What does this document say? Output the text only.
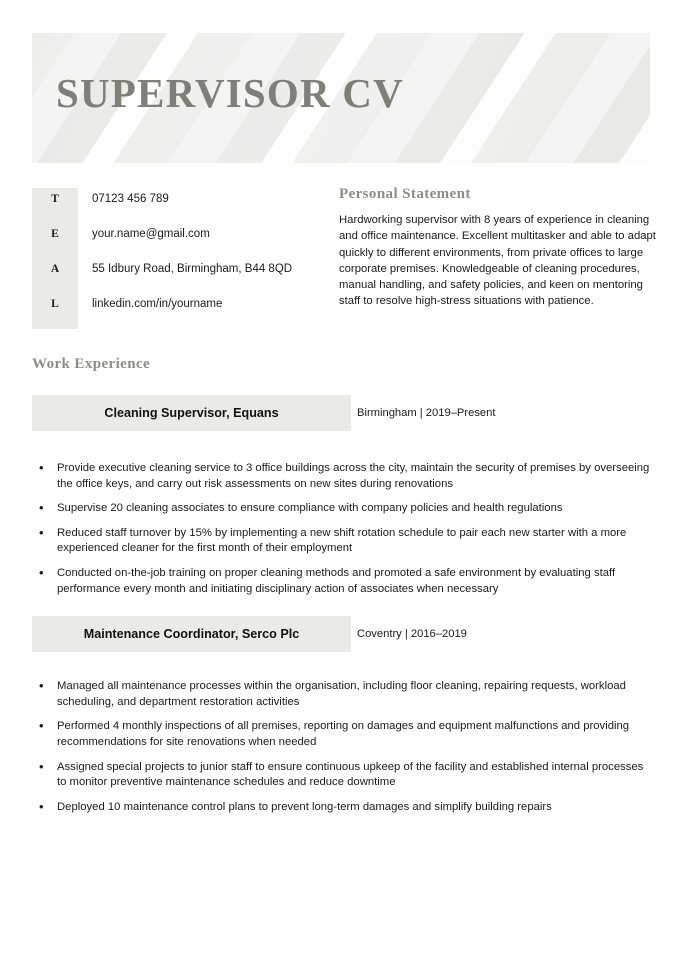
SUPERVISOR CV
T	07123 456 789
E	your.name@gmail.com
A	55 Idbury Road, Birmingham, B44 8QD
L	linkedin.com/in/yourname
Personal Statement
Hardworking supervisor with 8 years of experience in cleaning and office maintenance. Excellent multitasker and able to adapt quickly to different environments, from private offices to large corporate premises. Knowledgeable of cleaning procedures, manual handling, and safety policies, and keen on mentoring staff to resolve high-stress situations with patience.
Work Experience
Cleaning Supervisor, Equans	Birmingham | 2019–Present
• Provide executive cleaning service to 3 office buildings across the city, maintain the security of premises by overseeing the office keys, and carry out risk assessments on new sites during renovations
• Supervise 20 cleaning associates to ensure compliance with company policies and health regulations
• Reduced staff turnover by 15% by implementing a new shift rotation schedule to pair each new starter with a more experienced cleaner for the first month of their employment
• Conducted on-the-job training on proper cleaning methods and promoted a safe environment by evaluating staff performance every month and initiating disciplinary action of associates when necessary
Maintenance Coordinator, Serco Plc	Coventry | 2016–2019
• Managed all maintenance processes within the organisation, including floor cleaning, repairing requests, workload scheduling, and department restoration activities
• Performed 4 monthly inspections of all premises, reporting on damages and equipment malfunctions and providing recommendations for site renovations when needed
• Assigned special projects to junior staff to ensure continuous upkeep of the facility and established internal processes to monitor preventive maintenance schedules and reduce downtime
• Deployed 10 maintenance control plans to prevent long-term damages and simplify building repairs
